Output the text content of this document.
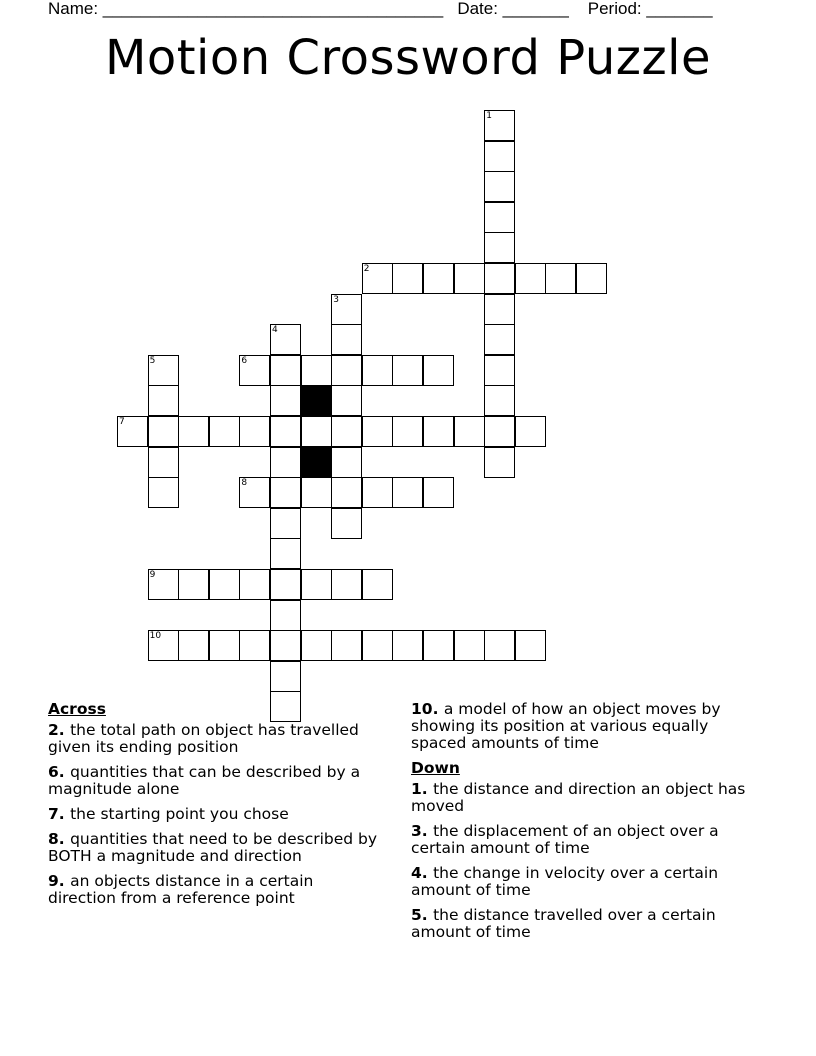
Name: ____________________________________   Date: _______    Period: _______
Motion Crossword Puzzle
1
2
3
4
5	6
7
8
9
10
Across
2. the total path on object has travelled given its ending position
6. quantities that can be described by a magnitude alone
7. the starting point you chose
8. quantities that need to be described by BOTH a magnitude and direction
9. an objects distance in a certain direction from a reference point
10. a model of how an object moves by showing its position at various equally spaced amounts of time
Down
1. the distance and direction an object has moved
3. the displacement of an object over a certain amount of time
4. the change in velocity over a certain amount of time
5. the distance travelled over a certain amount of time
